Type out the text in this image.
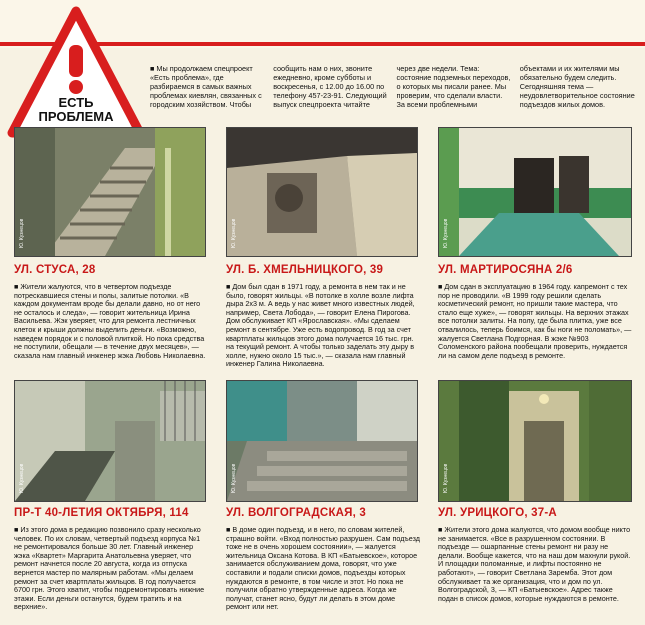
ЕСТЬ
ПРОБЛЕМА
■ Мы продолжаем спецпроект «Есть проблема», где разбираемся в самых важных проблемах киевлян, связанных с городским хозяйством. Чтобы сообщить нам о них, звоните ежедневно, кроме субботы и воскресенья, с 12.00 до 16.00 по телефону 457-23-91. Следующий выпуск спецпроекта читайте через две недели. Тема: состояние подземных переходов, о которых мы писали ранее. Мы проверим, что сделали власти. За всеми проблемными объектами и их жителями мы обязательно будем следить. Сегодняшняя тема — неудовлетворительное состояние подъездов жилых домов.
Ю. Кузнецов	Ю. Кузнецов	Ю. Кузнецов
УЛ. СТУСА, 28	УЛ. Б. ХМЕЛЬНИЦКОГО, 39	УЛ. МАРТИРОСЯНА 2/6
■ Жители жалуются, что в четвертом подъезде потрескавшиеся стены и полы, залитые потолки. «В каждом документам вроде бы делали давно, но от него не осталось и следа», — говорит жительница Ирина Васильева. Жэк уверяет, что для ремонта лестничных клеток и крыши должны выделить деньги. «Возможно, наведем порядок и с половой плиткой. Но пока средства не поступили, обещали — в течение двух месяцев», — сказала нам главный инженер жэка Любовь Николаевна.
■ Дом был сдан в 1971 году, а ремонта в нем так и не было, говорят жильцы. «В потолке в холле возле лифта дыра 2х3 м. А ведь у нас живет много известных людей, например, Света Лобода», — говорит Елена Пирогова. Дом обслуживает КП «Ярославская». «Мы сделаем ремонт в сентябре. Уже есть водопровод. В год за счет квартплаты жильцов этого дома получается 16 тыс. грн. на текущий ремонт. А чтобы только заделать эту дыру в холле, нужно около 15 тыс.», — сказала нам главный инженер Галина Николаевна.
■ Дом сдан в эксплуатацию в 1964 году. капремонт с тех пор не проводили. «В 1999 году решили сделать косметический ремонт, но пришли такие мастера, что стало еще хуже», — говорят жильцы. На верхних этажах все потолки залиты. На полу, где была плитка, уже все отвалилось, теперь боимся, как бы ноги не поломать», — жалуется Светлана Подгорная. В жэке №903 Соломенского района пообещали проверить, нуждается ли на самом деле подъезд в ремонте.
Ю. Кузнецов	Ю. Кузнецов	Ю. Кузнецов
ПР-Т 40-ЛЕТИЯ ОКТЯБРЯ, 114	УЛ. ВОЛГОГРАДСКАЯ, 3	УЛ. УРИЦКОГО, 37-А
■ Из этого дома в редакцию позвонило сразу несколько человек. По их словам, четвертый подъезд корпуса №1 не ремонтировался больше 30 лет. Главный инженер жэка «Квартет» Маргарита Анатольевна уверяет, что ремонт начнется после 20 августа, когда из отпуска вернется мастер по малярным работам. «Мы делаем ремонт за счет квартплаты жильцов. В год получается 6700 грн. Этого хватит, чтобы подремонтировать нижние этажи. Если деньги останутся, будем тратить и на верхние».
■ В доме один подъезд, и в него, по словам жителей, страшно войти. «Вход полностью разрушен. Сам подъезд тоже не в очень хорошем состоянии», — жалуется жительница Оксана Котова. В КП «Батыевское», которое занимается обслуживанием дома, говорят, что уже составили и подали списки домов, подъезды которых нуждаются в ремонте, в том числе и этот. Но пока не получили обратно утвержденные адреса. Когда же получат, станет ясно, будут ли делать в этом доме ремонт или нет.
■ Жители этого дома жалуются, что домом вообще никто не занимается. «Все в разрушенном состоянии. В подъезде — ошарпанные стены ремонт ни разу не делали. Вообще кажется, что на наш дом махнули рукой. И площадки поломанные, и лифты постоянно не работают», — говорит Светлана Заремба. Этот дом обслуживает та же организация, что и дом по ул. Волгоградской, 3, — КП «Батыевское». Адрес также подан в список домов, которые нуждаются в ремонте.
